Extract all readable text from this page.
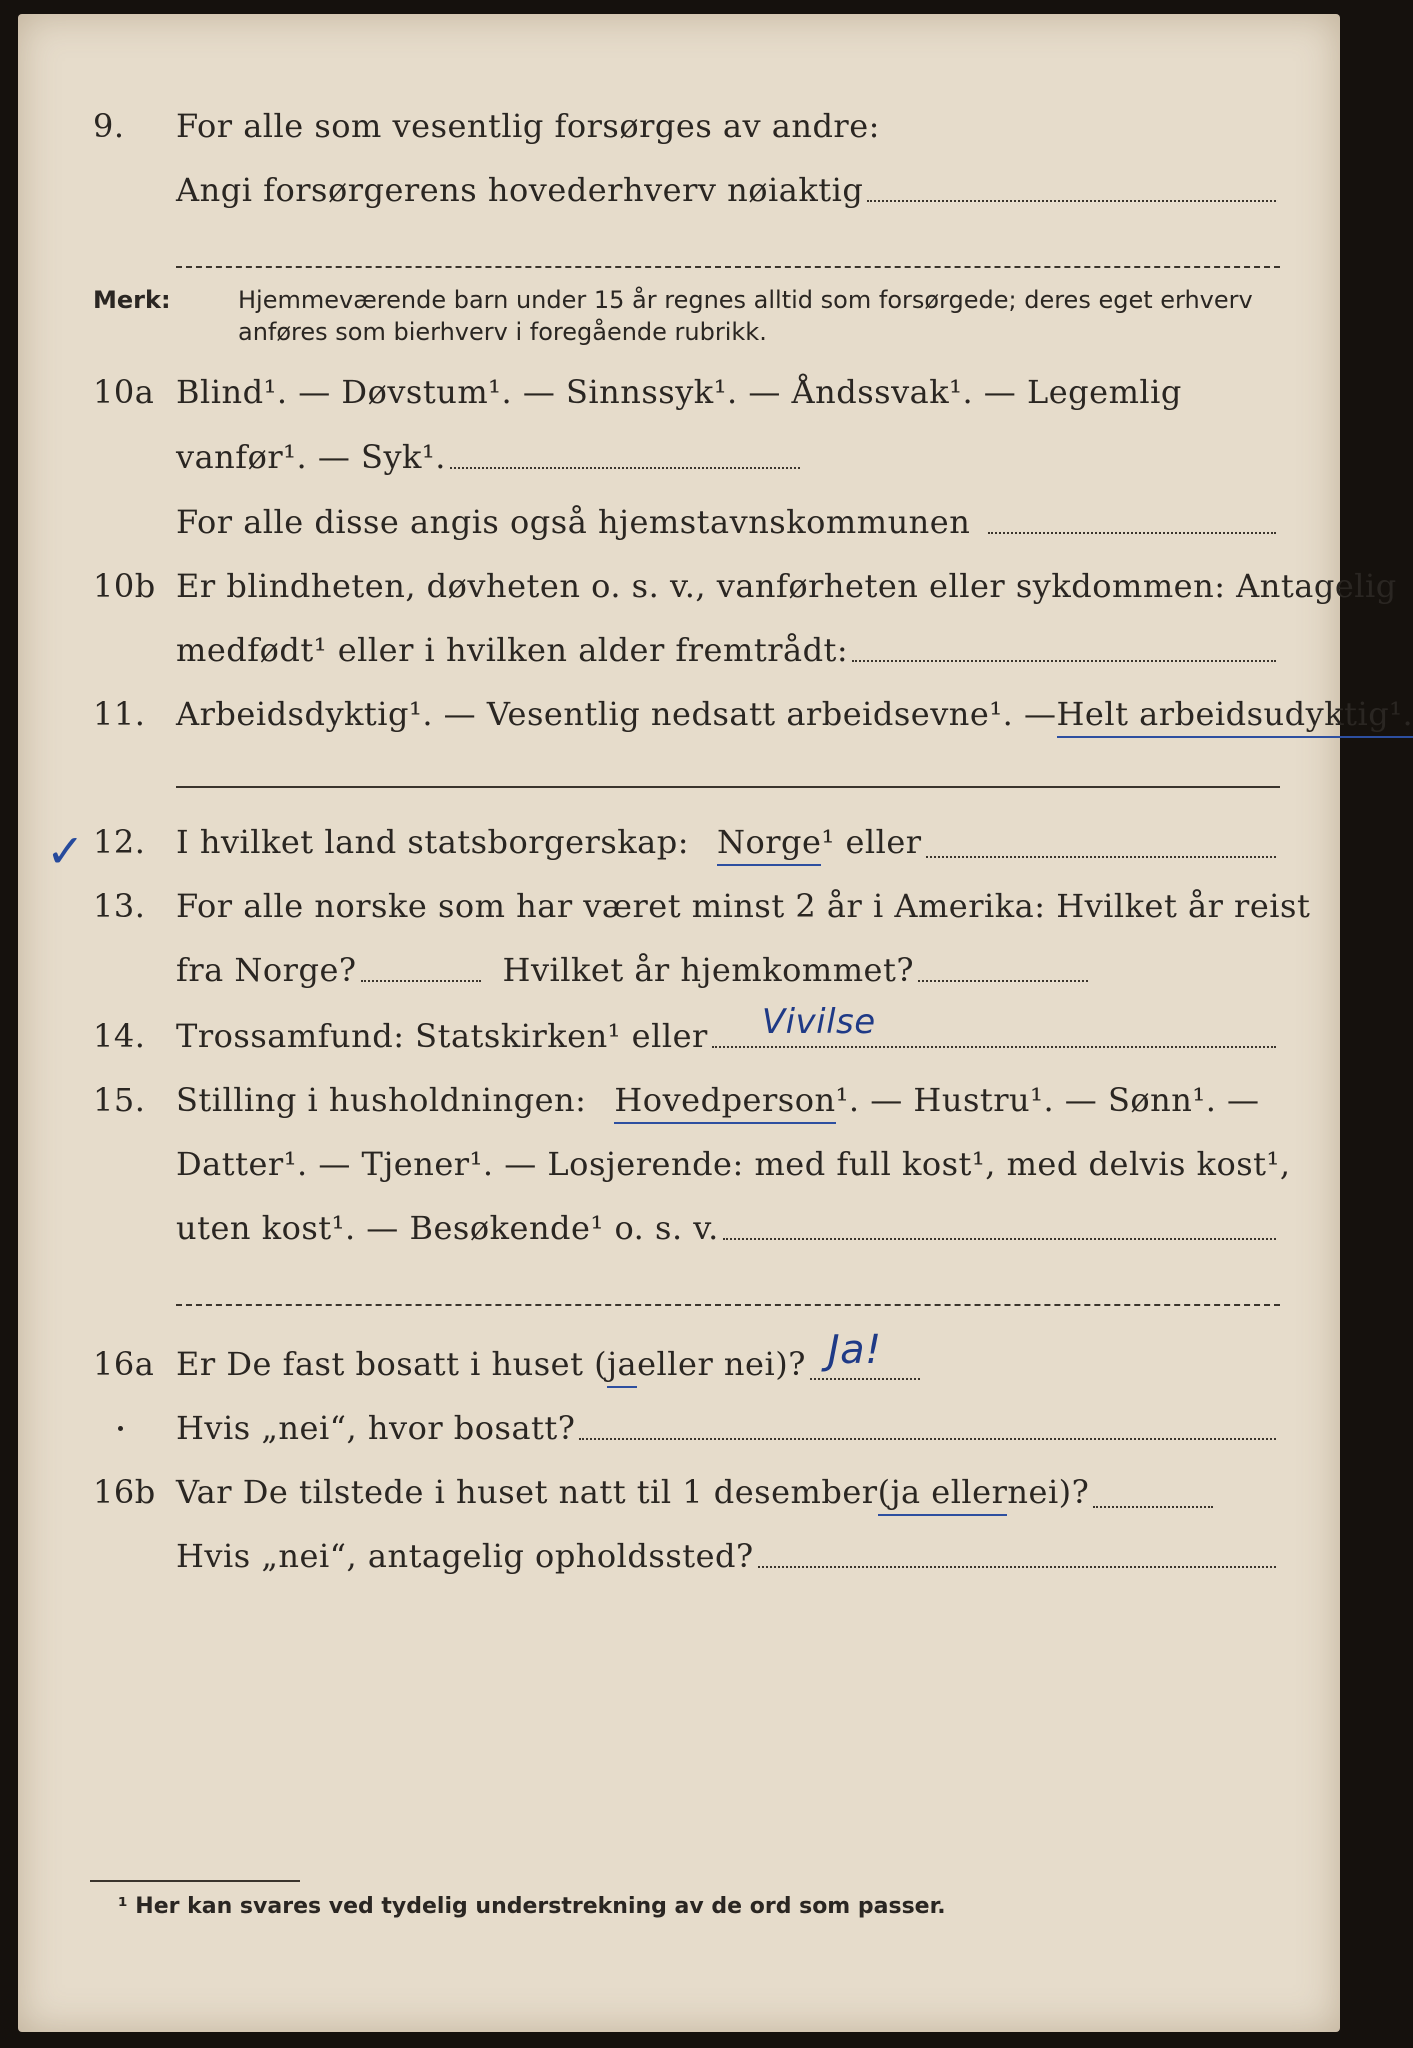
9.	For alle som vesentlig forsørges av andre:
Angi forsørgerens hovederhverv nøiaktig
Merk:	Hjemmeværende barn under 15 år regnes alltid som forsørgede; deres eget erhverv
anføres som bierhverv i foregående rubrikk.
10a Blind¹. — Døvstum¹. — Sinnssyk¹. — Åndssvak¹. — Legemlig
vanfør¹. — Syk¹.
For alle disse angis også hjemstavnskommunen
10b Er blindheten, døvheten o. s. v., vanførheten eller sykdommen: Antagelig
medfødt¹ eller i hvilken alder fremtrådt:
11. Arbeidsdyktig¹. — Vesentlig nedsatt arbeidsevne¹. — Helt arbeidsudyktig¹.
✓ 12. I hvilket land statsborgerskap: Norge ¹ eller
13. For alle norske som har været minst 2 år i Amerika: Hvilket år reist
fra Norge?	Hvilket år hjemkommet?
14. Trossamfund: Statskirken¹ eller Vivilse
15. Stilling i husholdningen: Hovedperson ¹. — Hustru¹. — Sønn¹. —
Datter¹. — Tjener¹. — Losjerende: med full kost¹, med delvis kost¹,
uten kost¹. — Besøkende¹ o. s. v.
16a Er De fast bosatt i huset ( ja eller nei)? Ja!
Hvis „nei“, hvor bosatt?
16b Var De tilstede i huset natt til 1 desember (ja eller nei)?
Hvis „nei“, antagelig opholdssted?
¹ Her kan svares ved tydelig understrekning av de ord som passer.
